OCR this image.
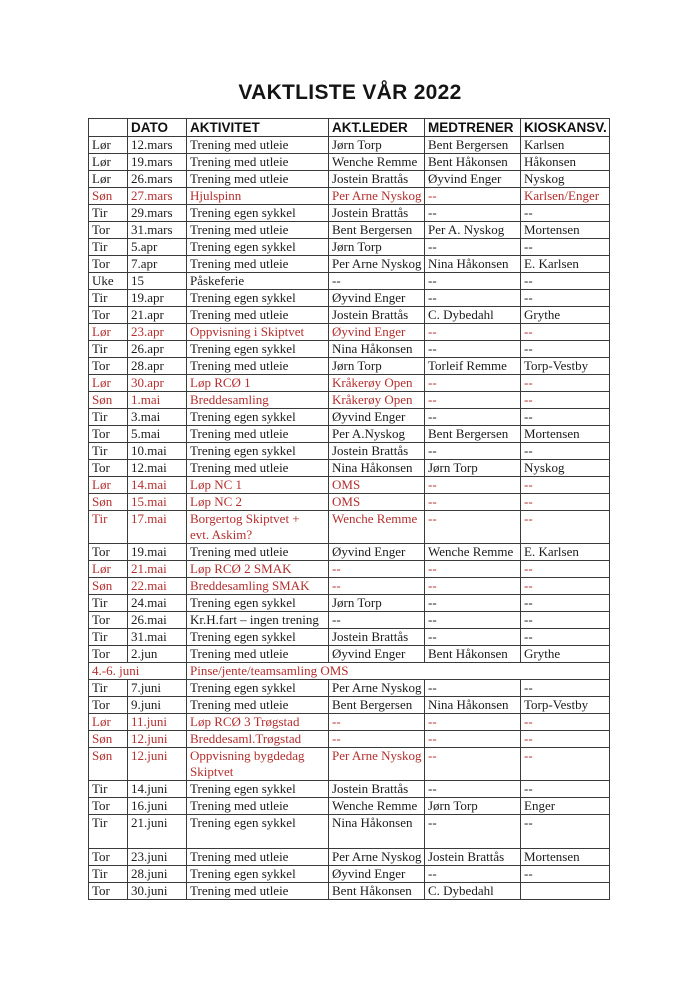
VAKTLISTE VÅR 2022
	DATO	AKTIVITET	AKT.LEDER	MEDTRENER	KIOSKANSV.
Lør	12.mars	Trening med utleie	Jørn Torp	Bent Bergersen	Karlsen
Lør	19.mars	Trening med utleie	Wenche Remme	Bent Håkonsen	Håkonsen
Lør	26.mars	Trening med utleie	Jostein Brattås	Øyvind Enger	Nyskog
Søn	27.mars	Hjulspinn	Per Arne Nyskog	--	Karlsen/Enger
Tir	29.mars	Trening egen sykkel	Jostein Brattås	--	--
Tor	31.mars	Trening med utleie	Bent Bergersen	Per A. Nyskog	Mortensen
Tir	5.apr	Trening egen sykkel	Jørn Torp	--	--
Tor	7.apr	Trening med utleie	Per Arne Nyskog	Nina Håkonsen	E. Karlsen
Uke	15	Påskeferie	--	--	--
Tir	19.apr	Trening egen sykkel	Øyvind Enger	--	--
Tor	21.apr	Trening med utleie	Jostein Brattås	C. Dybedahl	Grythe
Lør	23.apr	Oppvisning i Skiptvet	Øyvind Enger	--	--
Tir	26.apr	Trening egen sykkel	Nina Håkonsen	--	--
Tor	28.apr	Trening med utleie	Jørn Torp	Torleif Remme	Torp-Vestby
Lør	30.apr	Løp RCØ 1	Kråkerøy Open	--	--
Søn	1.mai	Breddesamling	Kråkerøy Open	--	--
Tir	3.mai	Trening egen sykkel	Øyvind Enger	--	--
Tor	5.mai	Trening med utleie	Per A.Nyskog	Bent Bergersen	Mortensen
Tir	10.mai	Trening egen sykkel	Jostein Brattås	--	--
Tor	12.mai	Trening med utleie	Nina Håkonsen	Jørn Torp	Nyskog
Lør	14.mai	Løp NC 1	OMS	--	--
Søn	15.mai	Løp NC 2	OMS	--	--
Tir	17.mai	Borgertog Skiptvet +
evt. Askim?	Wenche Remme	--	--
Tor	19.mai	Trening med utleie	Øyvind Enger	Wenche Remme	E. Karlsen
Lør	21.mai	Løp RCØ 2 SMAK	--	--	--
Søn	22.mai	Breddesamling SMAK	--	--	--
Tir	24.mai	Trening egen sykkel	Jørn Torp	--	--
Tor	26.mai	Kr.H.fart – ingen trening	--	--	--
Tir	31.mai	Trening egen sykkel	Jostein Brattås	--	--
Tor	2.jun	Trening med utleie	Øyvind Enger	Bent Håkonsen	Grythe
4.-6. juni		Pinse/jente/teamsamling OMS			
Tir	7.juni	Trening egen sykkel	Per Arne Nyskog	--	--
Tor	9.juni	Trening med utleie	Bent Bergersen	Nina Håkonsen	Torp-Vestby
Lør	11.juni	Løp RCØ 3 Trøgstad	--	--	--
Søn	12.juni	Breddesaml.Trøgstad	--	--	--
Søn	12.juni	Oppvisning bygdedag
Skiptvet	Per Arne Nyskog	--	--
Tir	14.juni	Trening egen sykkel	Jostein Brattås	--	--
Tor	16.juni	Trening med utleie	Wenche Remme	Jørn Torp	Enger
Tir	21.juni	Trening egen sykkel	Nina Håkonsen	--	--
Tor	23.juni	Trening med utleie	Per Arne Nyskog	Jostein Brattås	Mortensen
Tir	28.juni	Trening egen sykkel	Øyvind Enger	--	--
Tor	30.juni	Trening med utleie	Bent Håkonsen	C. Dybedahl	
